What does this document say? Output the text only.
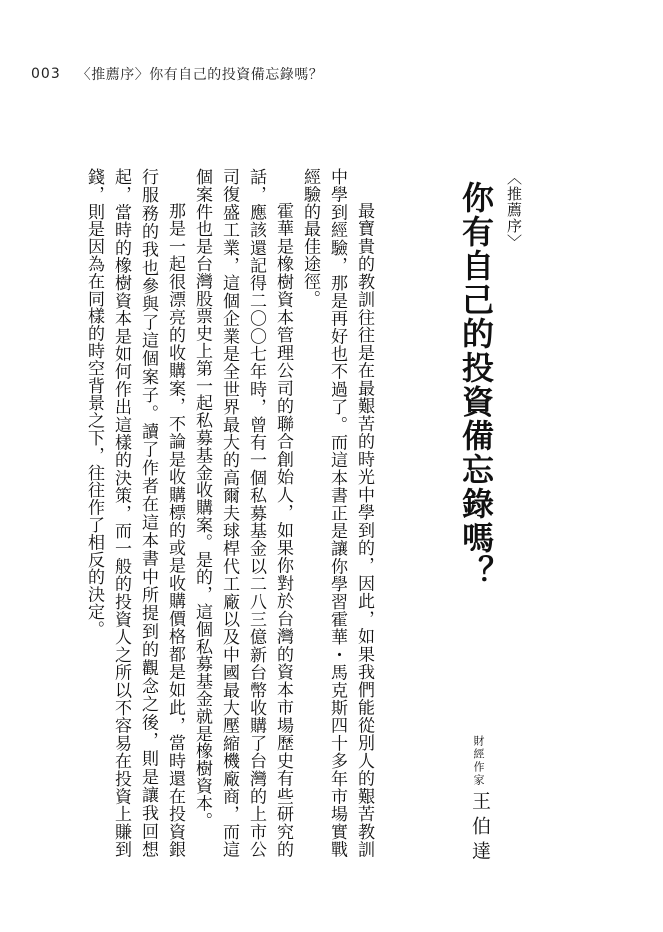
003 〈推薦序〉你有自己的投資備忘錄嗎？
〈推薦序〉
你有自己的投資備忘錄嗎？
財經作家
王伯達

最寶貴的教訓往往是在最艱苦的時光中學到的，因此，如果我們能從別人的艱苦教訓中學到經驗，那是再好也不過了。而這本書正是讓你學習霍華・馬克斯四十多年市場實戰經驗的最佳途徑。

霍華是橡樹資本管理公司的聯合創始人，如果你對於台灣的資本市場歷史有些研究的話，應該還記得二〇〇七年時，曾有一個私募基金以二八三億新台幣收購了台灣的上市公司復盛工業，這個企業是全世界最大的高爾夫球桿代工廠以及中國最大壓縮機廠商，而這個案件也是台灣股票史上第一起私募基金收購案。是的，這個私募基金就是橡樹資本。

那是一起很漂亮的收購案，不論是收購標的或是收購價格都是如此，當時還在投資銀行服務的我也參與了這個案子。讀了作者在這本書中所提到的觀念之後，則是讓我回想起，當時的橡樹資本是如何作出這樣的決策，而一般的投資人之所以不容易在投資上賺到錢，則是因為在同樣的時空背景之下，往往作了相反的決定。
